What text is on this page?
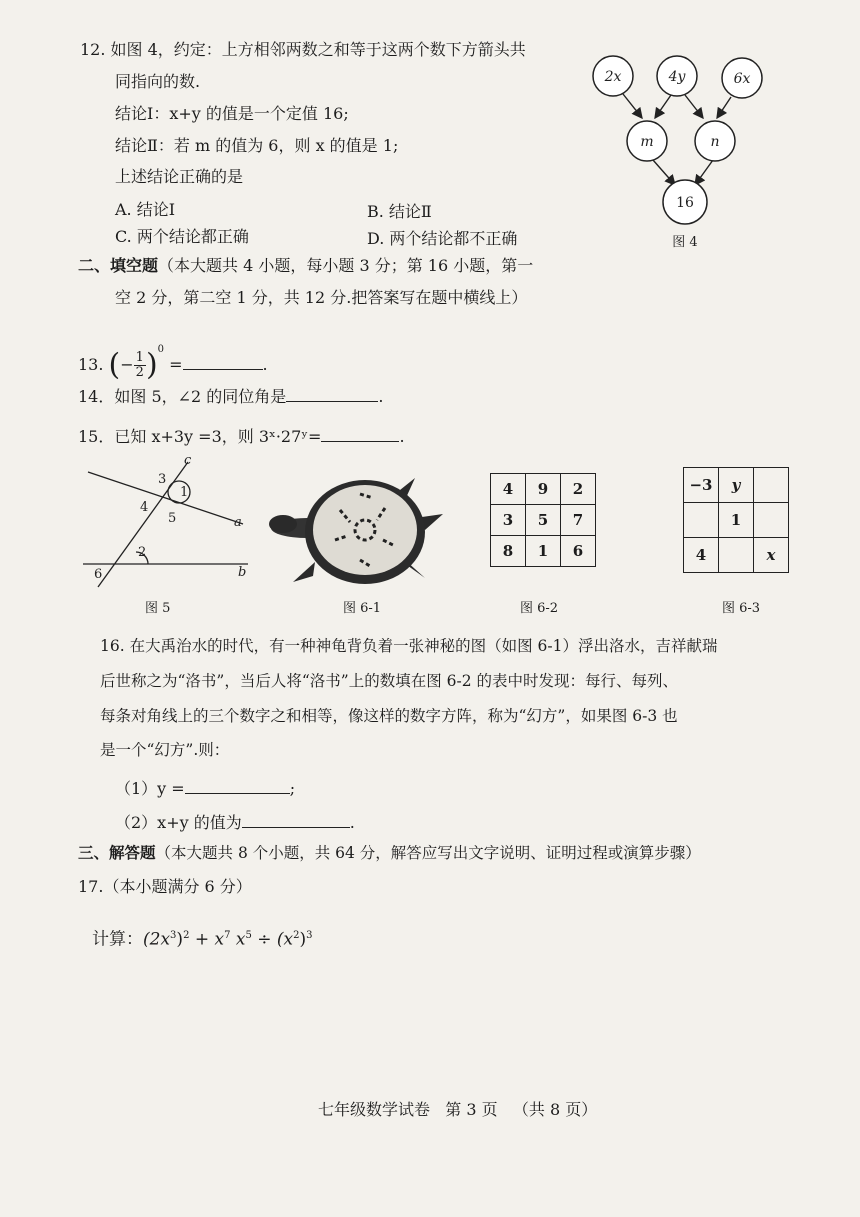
12. 如图 4，约定：上方相邻两数之和等于这两个数下方箭头共
同指向的数.
结论Ⅰ：x+y 的值是一个定值 16;
结论Ⅱ：若 m 的值为 6，则 x 的值是 1;
上述结论正确的是
A. 结论Ⅰ	B. 结论Ⅱ
C. 两个结论都正确	D. 两个结论都不正确
2x	4y	6x
m	n
16
图 4
二、填空题（本大题共 4 小题，每小题 3 分；第 16 小题，第一
空 2 分，第二空 1 分，共 12 分.把答案写在题中横线上）
13. (− $\frac{1}{2} )^0$ =	.
14．如图 5，∠2 的同位角是	.
15．已知 x+3y =3，则 3ˣ·27ʸ=	.
c
3
1
4
5	a
2
6	b
图 5	图 6-1
4	9	2
3	5	7
8	1	6
图 6-2
−3	y	
	1	
4		x
图 6-3
16. 在大禹治水的时代，有一种神龟背负着一张神秘的图（如图 6-1）浮出洛水，吉祥献瑞
后世称之为“洛书”，当后人将“洛书”上的数填在图 6-2 的表中时发现：每行、每列、
每条对角线上的三个数字之和相等，像这样的数字方阵，称为“幻方”，如果图 6-3 也
是一个“幻方”.则：
（1）y =	;
（2）x+y 的值为	.
三、解答题（本大题共 8 个小题，共 64 分，解答应写出文字说明、证明过程或演算步骤）
17.（本小题满分 6 分）
计算：$(2x^3)^2 + x^7$ $x^5 \div (x^2)^3$
七年级数学试卷   第 3 页   （共 8 页）
